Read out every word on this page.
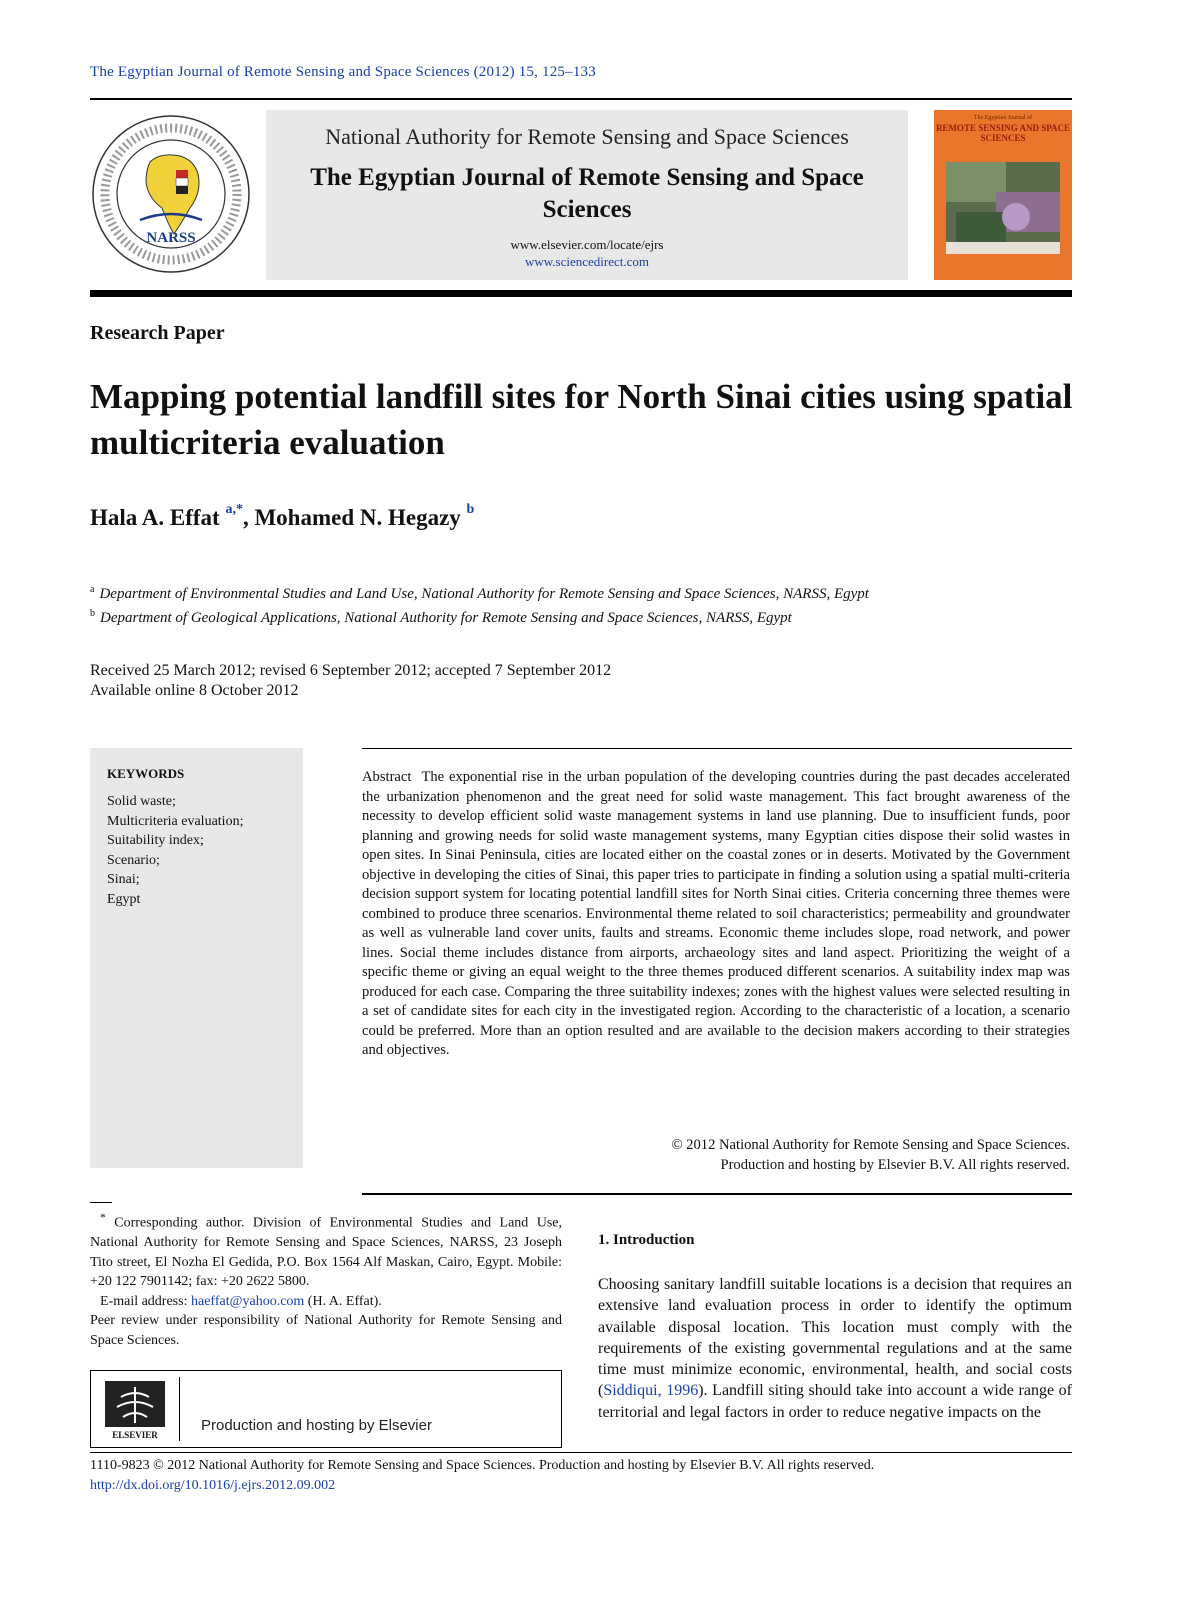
The Egyptian Journal of Remote Sensing and Space Sciences (2012) 15, 125–133
NARSS
National Authority for Remote Sensing and Space Sciences
The Egyptian Journal of Remote Sensing and Space Sciences
www.elsevier.com/locate/ejrs
www.sciencedirect.com
The Egyptian Journal of
REMOTE SENSING AND SPACE SCIENCES
Research Paper
Mapping potential landfill sites for North Sinai cities using spatial multicriteria evaluation
Hala A. Effat $^{a,*}$, Mohamed N. Hegazy $^b$
$^a$ Department of Environmental Studies and Land Use, National Authority for Remote Sensing and Space Sciences, NARSS, Egypt
$^b$ Department of Geological Applications, National Authority for Remote Sensing and Space Sciences, NARSS, Egypt
Received 25 March 2012; revised 6 September 2012; accepted 7 September 2012
Available online 8 October 2012
KEYWORDS
Solid waste;
Multicriteria evaluation;
Suitability index;
Scenario;
Sinai;
Egypt
Abstract The exponential rise in the urban population of the developing countries during the past decades accelerated the urbanization phenomenon and the great need for solid waste management. This fact brought awareness of the necessity to develop efficient solid waste management systems in land use planning. Due to insufficient funds, poor planning and growing needs for solid waste management systems, many Egyptian cities dispose their solid wastes in open sites. In Sinai Peninsula, cities are located either on the coastal zones or in deserts. Motivated by the Government objective in developing the cities of Sinai, this paper tries to participate in finding a solution using a spatial multi-criteria decision support system for locating potential landfill sites for North Sinai cities. Criteria concerning three themes were combined to produce three scenarios. Environmental theme related to soil characteristics; permeability and groundwater as well as vulnerable land cover units, faults and streams. Economic theme includes slope, road network, and power lines. Social theme includes distance from airports, archaeology sites and land aspect. Prioritizing the weight of a specific theme or giving an equal weight to the three themes produced different scenarios. A suitability index map was produced for each case. Comparing the three suitability indexes; zones with the highest values were selected resulting in a set of candidate sites for each city in the investigated region. According to the characteristic of a location, a scenario could be preferred. More than an option resulted and are available to the decision makers according to their strategies and objectives.
© 2012 National Authority for Remote Sensing and Space Sciences.
Production and hosting by Elsevier B.V. All rights reserved.

* Corresponding author. Division of Environmental Studies and Land Use, National Authority for Remote Sensing and Space Sciences, NARSS, 23 Joseph Tito street, El Nozha El Gedida, P.O. Box 1564 Alf Maskan, Cairo, Egypt. Mobile: +20 122 7901142; fax: +20 2622 5800.

E-mail address: haeffat@yahoo.com (H. A. Effat).

Peer review under responsibility of National Authority for Remote Sensing and Space Sciences.

ELSEVIER
Production and hosting by Elsevier
1. Introduction
Choosing sanitary landfill suitable locations is a decision that requires an extensive land evaluation process in order to identify the optimum available disposal location. This location must comply with the requirements of the existing governmental regulations and at the same time must minimize economic, environmental, health, and social costs (Siddiqui, 1996). Landfill siting should take into account a wide range of territorial and legal factors in order to reduce negative impacts on the
1110-9823 © 2012 National Authority for Remote Sensing and Space Sciences. Production and hosting by Elsevier B.V. All rights reserved.
http://dx.doi.org/10.1016/j.ejrs.2012.09.002
